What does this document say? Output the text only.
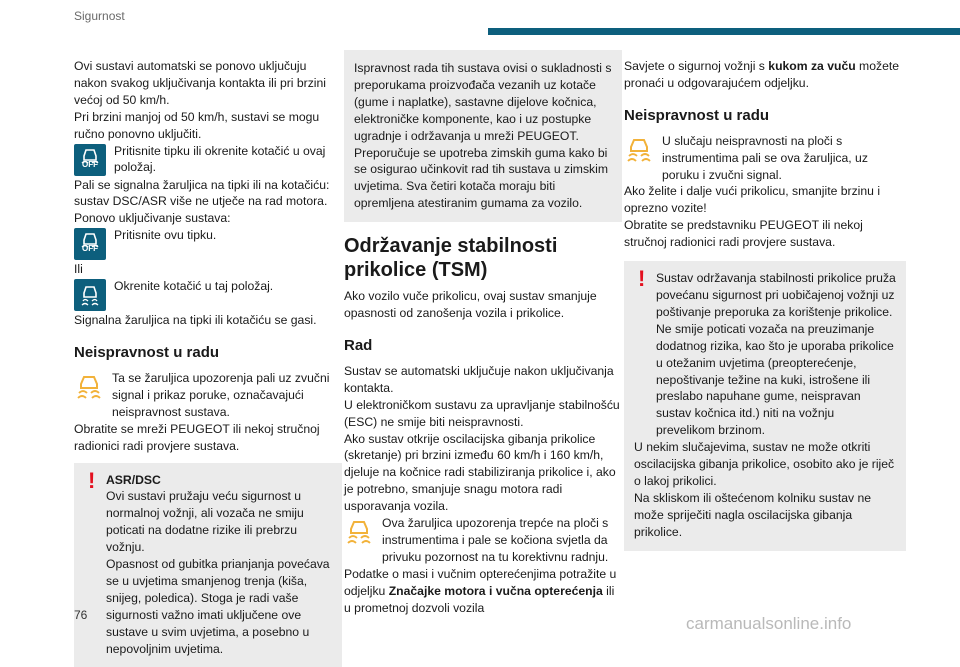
Sigurnost

Ovi sustavi automatski se ponovo uključuju nakon svakog uključivanja kontakta ili pri brzini većoj od 50 km/h.

Pri brzini manjoj od 50 km/h, sustavi se mogu ručno ponovno uključiti.

OFF
Pritisnite tipku ili okrenite kotačić u ovaj položaj.

Pali se signalna žaruljica na tipki ili na kotačiću: sustav DSC/ASR više ne utječe na rad motora.

Ponovo uključivanje sustava:

OFF
Pritisnite ovu tipku.

Ili

Okrenite kotačić u taj položaj.

Signalna žaruljica na tipki ili kotačiću se gasi.

Neispravnost u radu
Ta se žaruljica upozorenja pali uz zvučni signal i prikaz poruke, označavajući neispravnost sustava.

Obratite se mreži PEUGEOT ili nekoj stručnoj radionici radi provjere sustava.

! ASR/DSC

Ovi sustavi pružaju veću sigurnost u normalnoj vožnji, ali vozača ne smiju poticati na dodatne rizike ili prebrzu vožnju.

Opasnost od gubitka prianjanja povećava se u uvjetima smanjenog trenja (kiša, snijeg, poledica). Stoga je radi vaše sigurnosti važno imati uključene ove sustave u svim uvjetima, a posebno u nepovoljnim uvjetima.

Ispravnost rada tih sustava ovisi o sukladnosti s preporukama proizvođača vezanih uz kotače (gume i naplatke), sastavne dijelove kočnica, elektroničke komponente, kao i uz postupke ugradnje i održavanja u mreži PEUGEOT.

Preporučuje se upotreba zimskih guma kako bi se osigurao učinkovit rad tih sustava u zimskim uvjetima. Sva četiri kotača moraju biti opremljena atestiranim gumama za vozilo.

Održavanje stabilnosti prikolice (TSM)

Ako vozilo vuče prikolicu, ovaj sustav smanjuje opasnosti od zanošenja vozila i prikolice.

Rad

Sustav se automatski uključuje nakon uključivanja kontakta.

U elektroničkom sustavu za upravljanje stabilnošću (ESC) ne smije biti neispravnosti.

Ako sustav otkrije oscilacijska gibanja prikolice (skretanje) pri brzini između 60 km/h i 160 km/h, djeluje na kočnice radi stabiliziranja prikolice i, ako je potrebno, smanjuje snagu motora radi usporavanja vozila.

Ova žaruljica upozorenja trepće na ploči s instrumentima i pale se kočiona svjetla da privuku pozornost na tu korektivnu radnju.

Podatke o masi i vučnim opterećenjima potražite u odjeljku Značajke motora i vučna opterećenja ili u prometnoj dozvoli vozila

Savjete o sigurnoj vožnji s kukom za vuču možete pronaći u odgovarajućem odjeljku.

Neispravnost u radu
U slučaju neispravnosti na ploči s instrumentima pali se ova žaruljica, uz poruku i zvučni signal.

Ako želite i dalje vući prikolicu, smanjite brzinu i oprezno vozite!

Obratite se predstavniku PEUGEOT ili nekoj stručnoj radionici radi provjere sustava.

! Sustav održavanja stabilnosti prikolice pruža povećanu sigurnost pri uobičajenoj vožnji uz poštivanje preporuka za korištenje prikolice. Ne smije poticati vozača na preuzimanje dodatnog rizika, kao što je uporaba prikolice u otežanim uvjetima (preopterećenje, nepoštivanje težine na kuki, istrošene ili preslabo napuhane gume, neispravan sustav kočnica itd.) niti na vožnju prevelikom brzinom.

U nekim slučajevima, sustav ne može otkriti oscilacijska gibanja prikolice, osobito ako je riječ o lakoj prikolici.

Na skliskom ili oštećenom kolniku sustav ne može spriječiti nagla oscilacijska gibanja prikolice.

76	carmanualsonline.info
